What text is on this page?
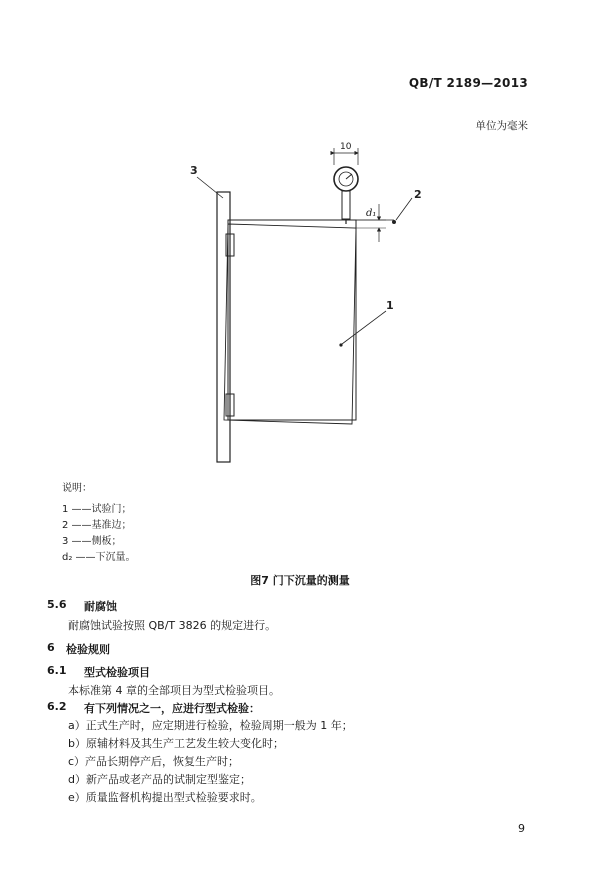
QB/T 2189—2013
单位为毫米
10
d₁
3
2
1
说明：
1 ——试验门；
2 ——基准边；
3 ——侧板；
d₂ ——下沉量。
图7 门下沉量的测量
5.6 耐腐蚀
耐腐蚀试验按照 QB/T 3826 的规定进行。
6 检验规则
6.1 型式检验项目
本标准第 4 章的全部项目为型式检验项目。
6.2 有下列情况之一，应进行型式检验：
a）正式生产时，应定期进行检验，检验周期一般为 1 年；
b）原辅材料及其生产工艺发生较大变化时；
c）产品长期停产后，恢复生产时；
d）新产品或老产品的试制定型鉴定；
e）质量监督机构提出型式检验要求时。
9
